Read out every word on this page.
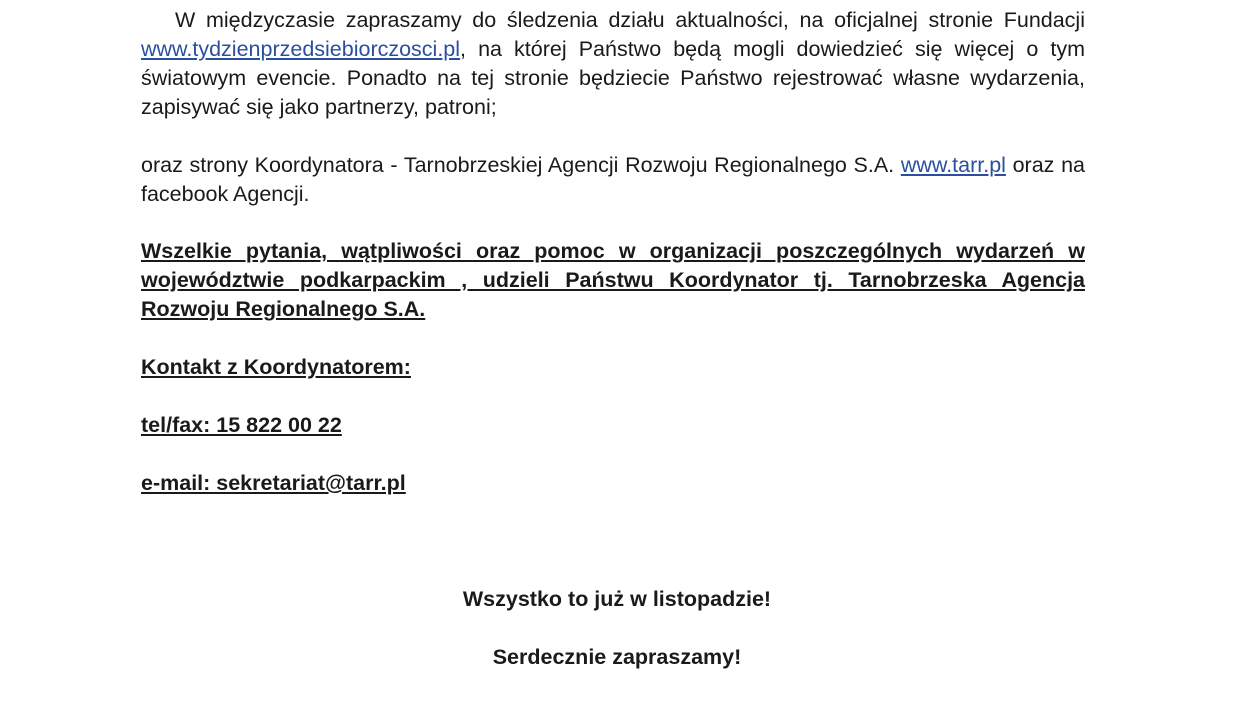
W międzyczasie zapraszamy do śledzenia działu aktualności, na oficjalnej stronie Fundacji www.tydzienprzedsiebiorczosci.pl, na której Państwo będą mogli dowiedzieć się więcej o tym światowym evencie. Ponadto na tej stronie będziecie Państwo rejestrować własne wydarzenia, zapisywać się jako partnerzy, patroni;

oraz strony Koordynatora - Tarnobrzeskiej Agencji Rozwoju Regionalnego S.A. www.tarr.pl oraz na facebook Agencji.

Wszelkie pytania, wątpliwości oraz pomoc w organizacji poszczególnych wydarzeń w województwie podkarpackim , udzieli Państwu Koordynator tj. Tarnobrzeska Agencja Rozwoju Regionalnego S.A.

Kontakt z Koordynatorem:

tel/fax: 15 822 00 22

e-mail: sekretariat@tarr.pl

Wszystko to już w listopadzie!

Serdecznie zapraszamy!
